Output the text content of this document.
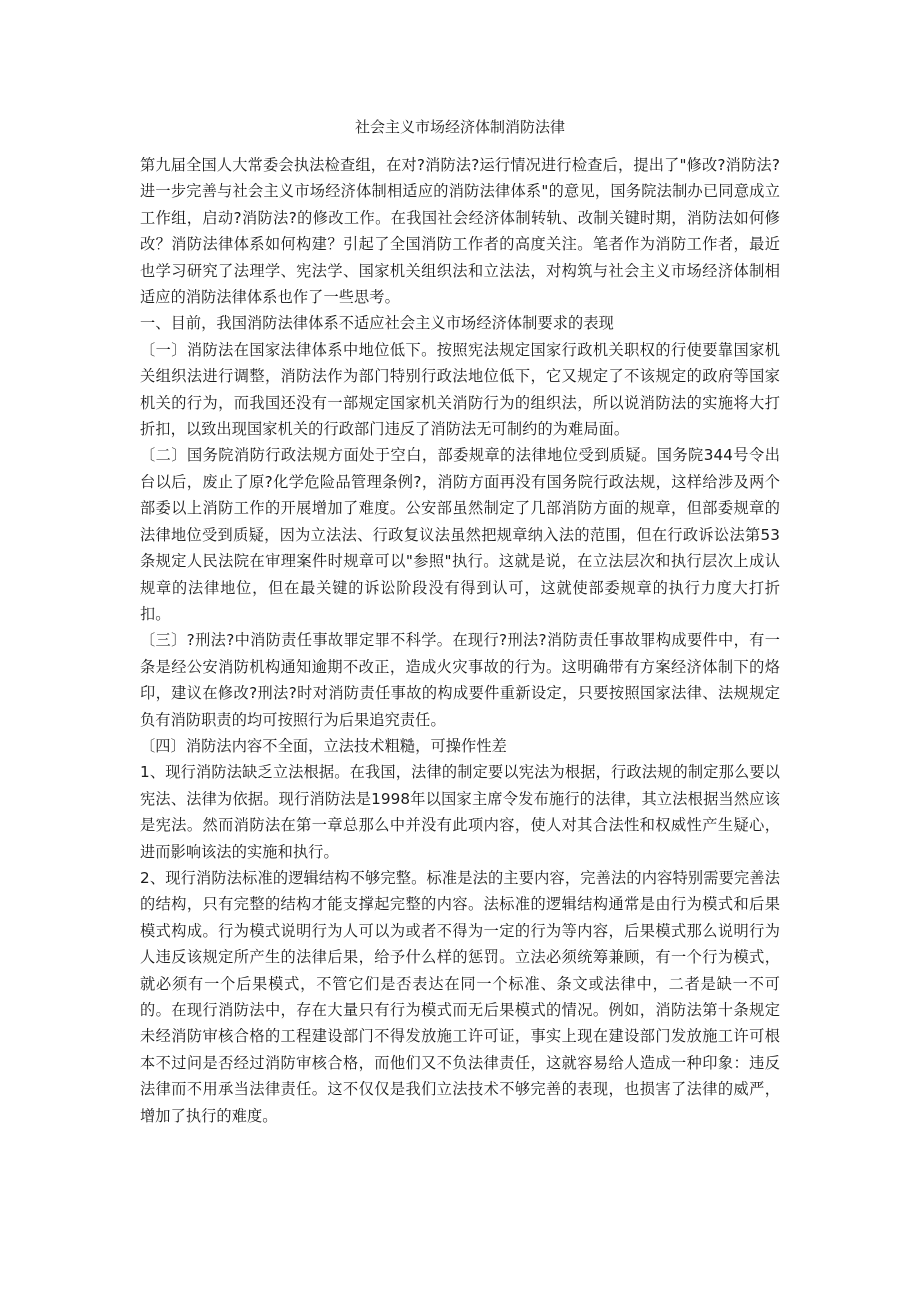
社会主义市场经济体制消防法律

第九届全国人大常委会执法检查组，在对?消防法?运行情况进行检查后，提出了"修改?消防法?进一步完善与社会主义市场经济体制相适应的消防法律体系"的意见，国务院法制办已同意成立工作组，启动?消防法?的修改工作。在我国社会经济体制转轨、改制关键时期，消防法如何修改？消防法律体系如何构建？引起了全国消防工作者的高度关注。笔者作为消防工作者，最近也学习研究了法理学、宪法学、国家机关组织法和立法法，对构筑与社会主义市场经济体制相适应的消防法律体系也作了一些思考。

一、目前，我国消防法律体系不适应社会主义市场经济体制要求的表现

〔一〕消防法在国家法律体系中地位低下。按照宪法规定国家行政机关职权的行使要靠国家机关组织法进行调整，消防法作为部门特别行政法地位低下，它又规定了不该规定的政府等国家机关的行为，而我国还没有一部规定国家机关消防行为的组织法，所以说消防法的实施将大打折扣，以致出现国家机关的行政部门违反了消防法无可制约的为难局面。

〔二〕国务院消防行政法规方面处于空白，部委规章的法律地位受到质疑。国务院344号令出台以后，废止了原?化学危险品管理条例?，消防方面再没有国务院行政法规，这样给涉及两个部委以上消防工作的开展增加了难度。公安部虽然制定了几部消防方面的规章，但部委规章的法律地位受到质疑，因为立法法、行政复议法虽然把规章纳入法的范围，但在行政诉讼法第53条规定人民法院在审理案件时规章可以"参照"执行。这就是说，在立法层次和执行层次上成认规章的法律地位，但在最关键的诉讼阶段没有得到认可，这就使部委规章的执行力度大打折扣。

〔三〕?刑法?中消防责任事故罪定罪不科学。在现行?刑法?消防责任事故罪构成要件中，有一条是经公安消防机构通知逾期不改正，造成火灾事故的行为。这明确带有方案经济体制下的烙印，建议在修改?刑法?时对消防责任事故的构成要件重新设定，只要按照国家法律、法规规定负有消防职责的均可按照行为后果追究责任。

〔四〕消防法内容不全面，立法技术粗糙，可操作性差

1、现行消防法缺乏立法根据。在我国，法律的制定要以宪法为根据，行政法规的制定那么要以宪法、法律为依据。现行消防法是1998年以国家主席令发布施行的法律，其立法根据当然应该是宪法。然而消防法在第一章总那么中并没有此项内容，使人对其合法性和权威性产生疑心，进而影响该法的实施和执行。

2、现行消防法标准的逻辑结构不够完整。标准是法的主要内容，完善法的内容特别需要完善法的结构，只有完整的结构才能支撑起完整的内容。法标准的逻辑结构通常是由行为模式和后果模式构成。行为模式说明行为人可以为或者不得为一定的行为等内容，后果模式那么说明行为人违反该规定所产生的法律后果，给予什么样的惩罚。立法必须统筹兼顾，有一个行为模式，就必须有一个后果模式，不管它们是否表达在同一个标准、条文或法律中，二者是缺一不可的。在现行消防法中，存在大量只有行为模式而无后果模式的情况。例如，消防法第十条规定未经消防审核合格的工程建设部门不得发放施工许可证，事实上现在建设部门发放施工许可根本不过问是否经过消防审核合格，而他们又不负法律责任，这就容易给人造成一种印象：违反法律而不用承当法律责任。这不仅仅是我们立法技术不够完善的表现，也损害了法律的威严，增加了执行的难度。
